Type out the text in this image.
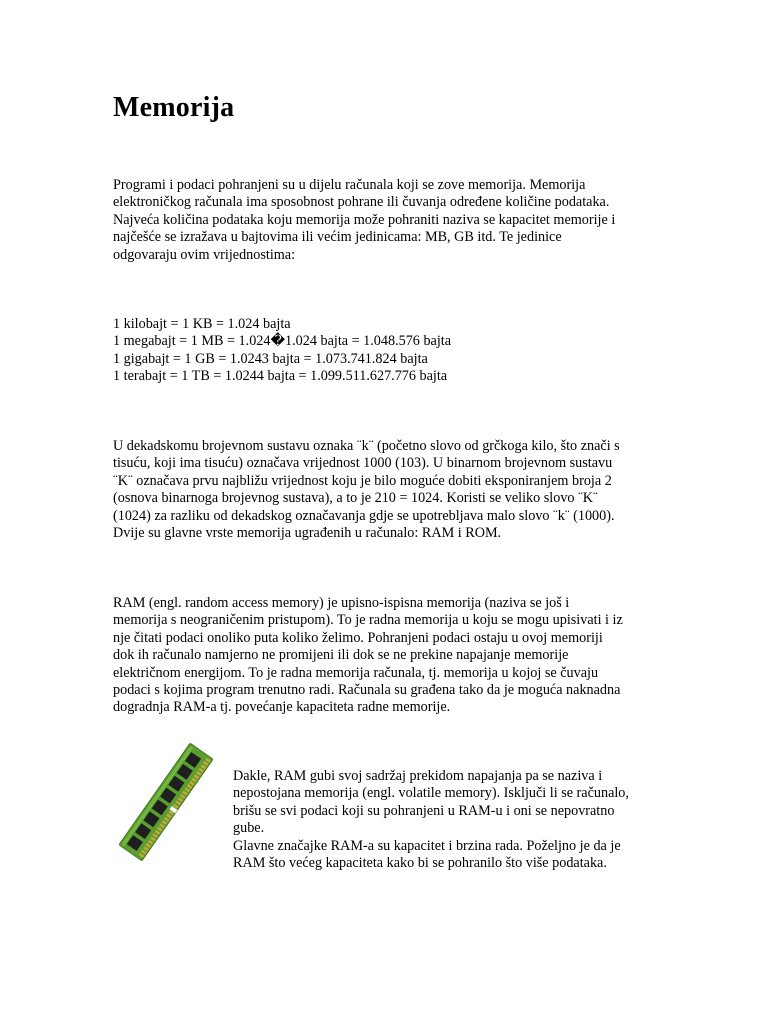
Memorija

Programi i podaci pohranjeni su u dijelu računala koji se zove memorija. Memorija
elektroničkog računala ima sposobnost pohrane ili čuvanja određene količine podataka.
Najveća količina podataka koju memorija može pohraniti naziva se kapacitet memorije i
najčešće se izražava u bajtovima ili većim jedinicama: MB, GB itd. Te jedinice
odgovaraju ovim vrijednostima:

1 kilobajt = 1 KB = 1.024 bajta
1 megabajt = 1 MB = 1.024�1.024 bajta = 1.048.576 bajta
1 gigabajt = 1 GB = 1.0243 bajta = 1.073.741.824 bajta
1 terabajt = 1 TB = 1.0244 bajta = 1.099.511.627.776 bajta

U dekadskomu brojevnom sustavu oznaka ¨k¨ (početno slovo od grčkoga kilo, što znači s
tisuću, koji ima tisuću) označava vrijednost 1000 (103). U binarnom brojevnom sustavu
¨K¨ označava prvu najbližu vrijednost koju je bilo moguće dobiti eksponiranjem broja 2
(osnova binarnoga brojevnog sustava), a to je 210 = 1024. Koristi se veliko slovo ¨K¨
(1024) za razliku od dekadskog označavanja gdje se upotrebljava malo slovo ¨k¨ (1000).
Dvije su glavne vrste memorija ugrađenih u računalo: RAM i ROM.

RAM (engl. random access memory) je upisno-ispisna memorija (naziva se još i
memorija s neograničenim pristupom). To je radna memorija u koju se mogu upisivati i iz
nje čitati podaci onoliko puta koliko želimo. Pohranjeni podaci ostaju u ovoj memoriji
dok ih računalo namjerno ne promijeni ili dok se ne prekine napajanje memorije
električnom energijom. To je radna memorija računala, tj. memorija u kojoj se čuvaju
podaci s kojima program trenutno radi. Računala su građena tako da je moguća naknadna
dogradnja RAM-a tj. povećanje kapaciteta radne memorije.

Dakle, RAM gubi svoj sadržaj prekidom napajanja pa se naziva i
nepostojana memorija (engl. volatile memory). Isključi li se računalo,
brišu se svi podaci koji su pohranjeni u RAM-u i oni se nepovratno
gube.
Glavne značajke RAM-a su kapacitet i brzina rada. Poželjno je da je
RAM što većeg kapaciteta kako bi se pohranilo što više podataka.
